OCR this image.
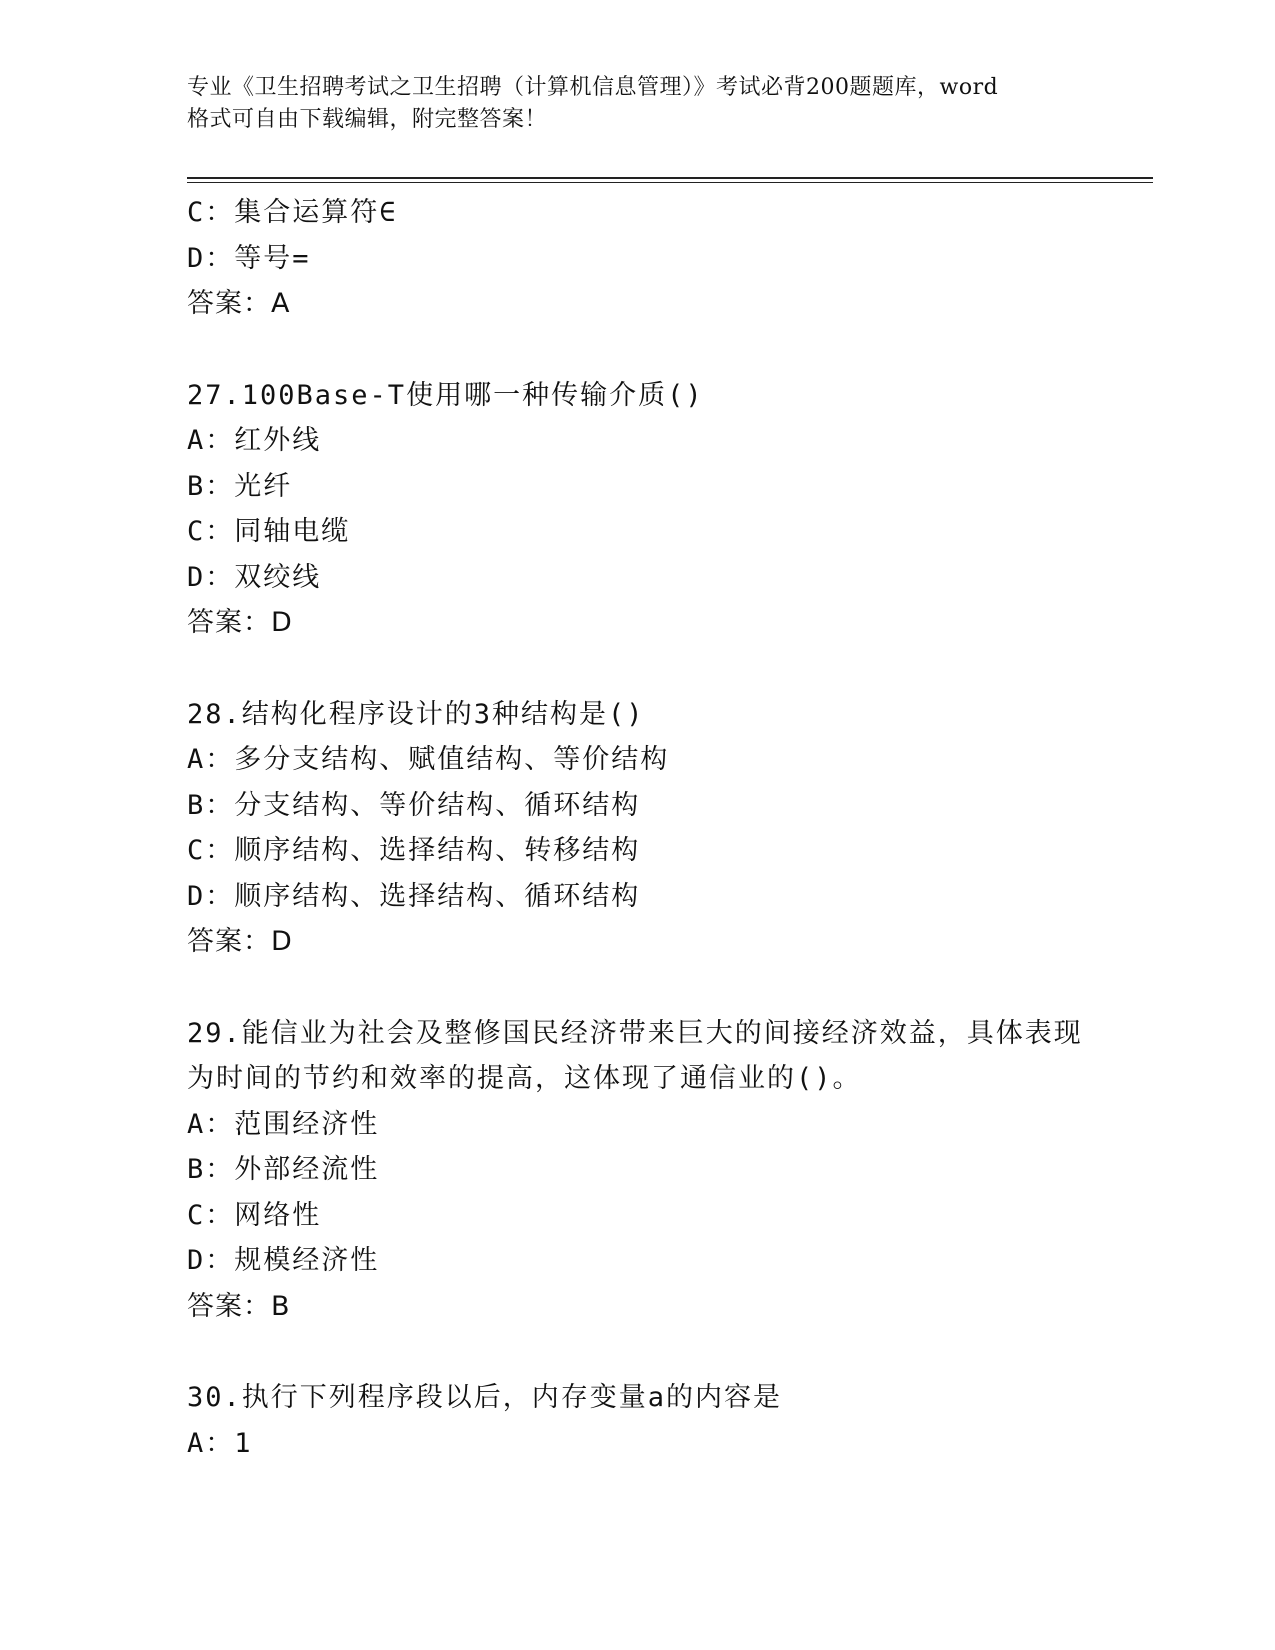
专业《卫生招聘考试之卫生招聘（计算机信息管理）》考试必背200题题库，word
格式可自由下载编辑，附完整答案！
C：集合运算符∈
D：等号=
答案：A
27.100Base-T使用哪一种传输介质()
A：红外线
B：光纤
C：同轴电缆
D：双绞线
答案：D
28.结构化程序设计的3种结构是()
A：多分支结构、赋值结构、等价结构
B：分支结构、等价结构、循环结构
C：顺序结构、选择结构、转移结构
D：顺序结构、选择结构、循环结构
答案：D
29.能信业为社会及整修国民经济带来巨大的间接经济效益，具体表现
为时间的节约和效率的提高，这体现了通信业的()。
A：范围经济性
B：外部经流性
C：网络性
D：规模经济性
答案：B
30.执行下列程序段以后，内存变量a的内容是
A：1
